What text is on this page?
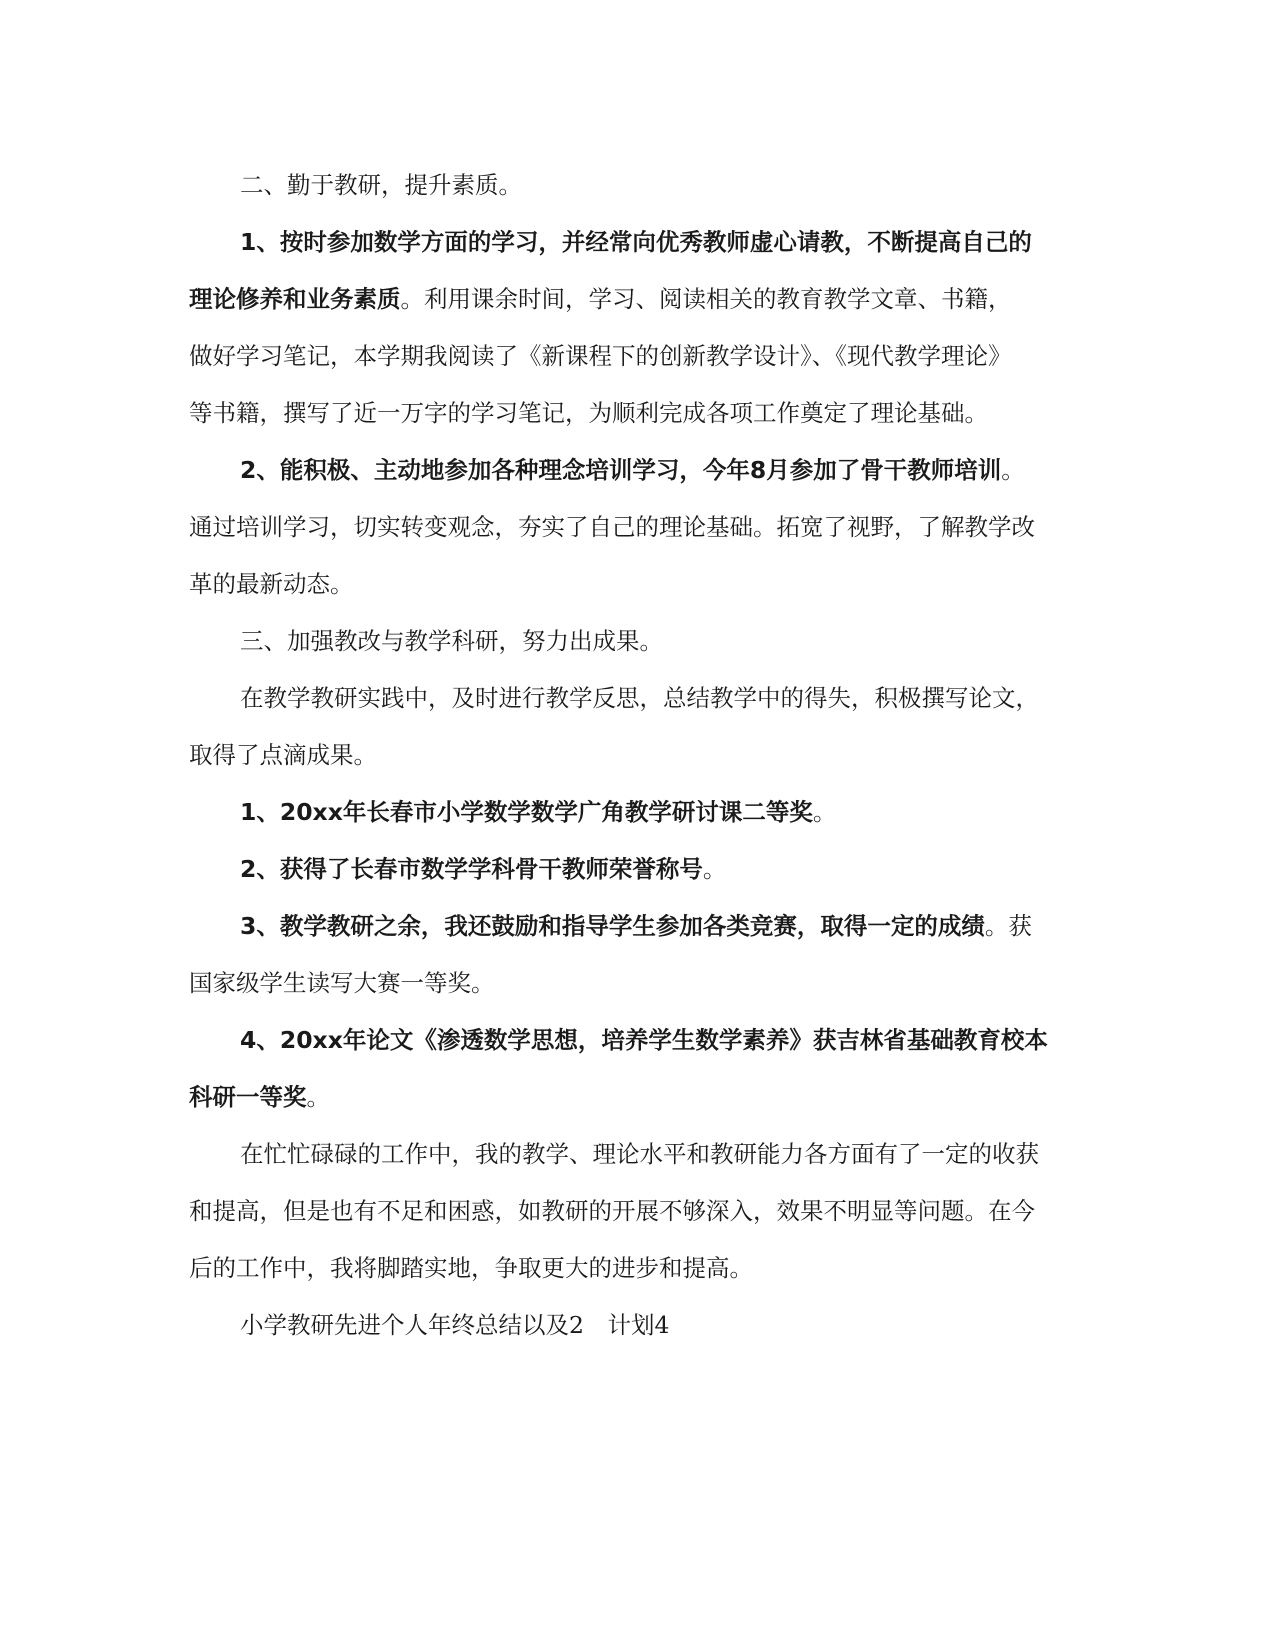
二、勤于教研，提升素质。
1、按时参加数学方面的学习，并经常向优秀教师虚心请教，不断提高自己的
理论修养和业务素质。利用课余时间，学习、阅读相关的教育教学文章、书籍，
做好学习笔记，本学期我阅读了《新课程下的创新教学设计》、《现代教学理论》
等书籍，撰写了近一万字的学习笔记，为顺利完成各项工作奠定了理论基础。
2、能积极、主动地参加各种理念培训学习，今年8月参加了骨干教师培训。
通过培训学习，切实转变观念，夯实了自己的理论基础。拓宽了视野，了解教学改
革的最新动态。
三、加强教改与教学科研，努力出成果。
在教学教研实践中，及时进行教学反思，总结教学中的得失，积极撰写论文，
取得了点滴成果。
1、20xx年长春市小学数学数学广角教学研讨课二等奖。
2、获得了长春市数学学科骨干教师荣誉称号。
3、教学教研之余，我还鼓励和指导学生参加各类竞赛，取得一定的成绩。获
国家级学生读写大赛一等奖。
4、20xx年论文《渗透数学思想，培养学生数学素养》获吉林省基础教育校本
科研一等奖。
在忙忙碌碌的工作中，我的教学、理论水平和教研能力各方面有了一定的收获
和提高，但是也有不足和困惑，如教研的开展不够深入，效果不明显等问题。在今
后的工作中，我将脚踏实地，争取更大的进步和提高。
小学教研先进个人年终总结以及2　计划4
